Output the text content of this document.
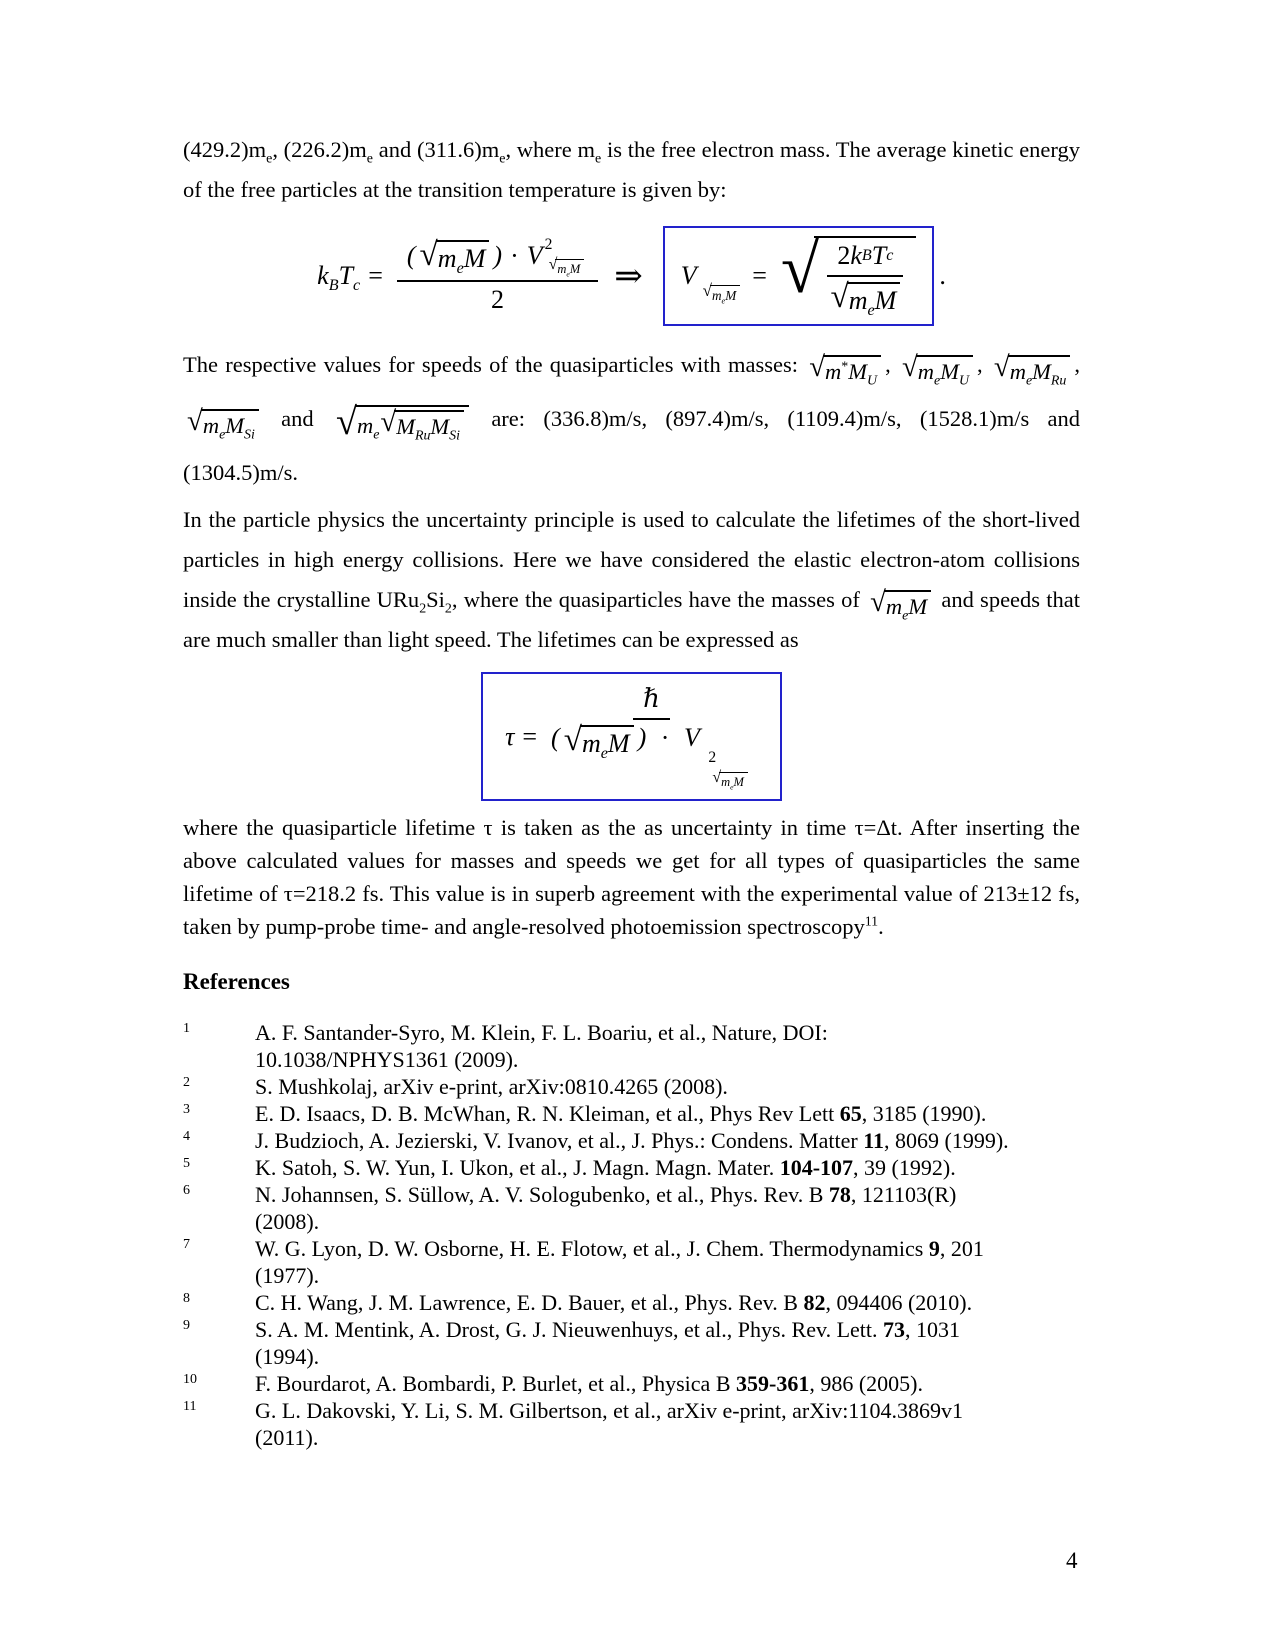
$(429.2)m_e$, $(226.2)m_e$ and $(311.6)m_e$, where $m_e$ is the free electron mass. The average kinetic energy of the free particles at the transition temperature is given by:

$k_BT_c$ = ( √ $m_eM$ ) · V 2
√ $m_eM$
2 ⇒ V
√ $m_eM$
= √ $\frac{\text{2 k B T c}}{√ m_eM}$ .

The respective values for speeds of the quasiparticles with masses: √ $m^*M_U$
, √ $m_eM_U$
, √ $m_eM_{Ru}$
,
√ $m_eM_{Si}$
and √ $m_e$ √ $M_{Ru}M_{Si}$
are: (336.8)m/s, (897.4)m/s, (1109.4)m/s, (1528.1)m/s and (1304.5)m/s.

In the particle physics the uncertainty principle is used to calculate the lifetimes of the short-lived particles in high energy collisions. Here we have considered the elastic electron-atom collisions inside the crystalline $URu_2Si_2$, where the quasiparticles have the masses of √ $m_eM$ and speeds that are much smaller than light speed. The lifetimes can be expressed as

τ = ℏ
( √ $m_eM$ ) · V
2
√ $m_eM$

where the quasiparticle lifetime τ is taken as the as uncertainty in time τ=Δt. After inserting the above calculated values for masses and speeds we get for all types of quasiparticles the same lifetime of τ=218.2 fs. This value is in superb agreement with the experimental value of 213±12 fs, taken by pump-probe time- and angle-resolved photoemission spectroscopy$^{11}$.

References
1	A. F. Santander-Syro, M. Klein, F. L. Boariu, et al., Nature, DOI:
10.1038/NPHYS1361 (2009).
2	S. Mushkolaj, arXiv e-print, arXiv:0810.4265 (2008).
3	E. D. Isaacs, D. B. McWhan, R. N. Kleiman, et al., Phys Rev Lett 65, 3185 (1990).
4	J. Budzioch, A. Jezierski, V. Ivanov, et al., J. Phys.: Condens. Matter 11, 8069 (1999).
5	K. Satoh, S. W. Yun, I. Ukon, et al., J. Magn. Magn. Mater. 104-107, 39 (1992).
6	N. Johannsen, S. Süllow, A. V. Sologubenko, et al., Phys. Rev. B 78, 121103(R)
(2008).
7	W. G. Lyon, D. W. Osborne, H. E. Flotow, et al., J. Chem. Thermodynamics 9, 201
(1977).
8	C. H. Wang, J. M. Lawrence, E. D. Bauer, et al., Phys. Rev. B 82, 094406 (2010).
9	S. A. M. Mentink, A. Drost, G. J. Nieuwenhuys, et al., Phys. Rev. Lett. 73, 1031
(1994).
10	F. Bourdarot, A. Bombardi, P. Burlet, et al., Physica B 359-361, 986 (2005).
11	G. L. Dakovski, Y. Li, S. M. Gilbertson, et al., arXiv e-print, arXiv:1104.3869v1
(2011).
4
